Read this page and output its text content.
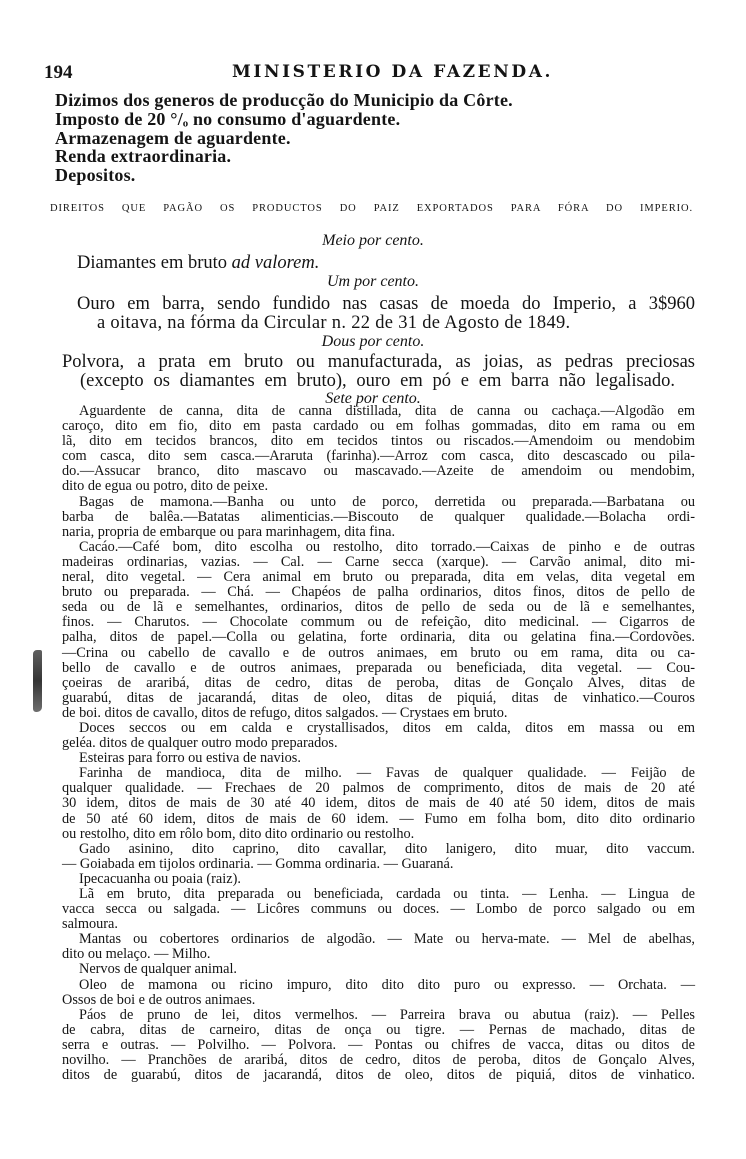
194	MINISTERIO DA FAZENDA.
Dizimos dos generos de producção do Municipio da Côrte.
Imposto de 20 °/ₒ no consumo d'aguardente.
Armazenagem de aguardente.
Renda extraordinaria.
Depositos.
DIREITOS QUE PAGÃO OS PRODUCTOS DO PAIZ EXPORTADOS PARA FÓRA DO IMPERIO.
Meio por cento.
Diamantes em bruto ad valorem.
Um por cento.
Ouro em barra, sendo fundido nas casas de moeda do Imperio, a 3$960
a oitava, na fórma da Circular n. 22 de 31 de Agosto de 1849.
Dous por cento.
Polvora, a prata em bruto ou manufacturada, as joias, as pedras preciosas
(excepto os diamantes em bruto), ouro em pó e em barra não legalisado.
Sete por cento.
Aguardente de canna, dita de canna distillada, dita de canna ou cachaça.—Algodão em
caroço, dito em fio, dito em pasta cardado ou em folhas gommadas, dito em rama ou em
lã, dito em tecidos brancos, dito em tecidos tintos ou riscados.—Amendoim ou mendobim
com casca, dito sem casca.—Araruta (farinha).—Arroz com casca, dito descascado ou pila-
do.—Assucar branco, dito mascavo ou mascavado.—Azeite de amendoim ou mendobim,
dito de egua ou potro, dito de peixe.
Bagas de mamona.—Banha ou unto de porco, derretida ou preparada.—Barbatana ou
barba de balêa.—Batatas alimenticias.—Biscouto de qualquer qualidade.—Bolacha ordi-
naria, propria de embarque ou para marinhagem, dita fina.
Cacáo.—Café bom, dito escolha ou restolho, dito torrado.—Caixas de pinho e de outras
madeiras ordinarias, vazias. — Cal. — Carne secca (xarque). — Carvão animal, dito mi-
neral, dito vegetal. — Cera animal em bruto ou preparada, dita em velas, dita vegetal em
bruto ou preparada. — Chá. — Chapéos de palha ordinarios, ditos finos, ditos de pello de
seda ou de lã e semelhantes, ordinarios, ditos de pello de seda ou de lã e semelhantes,
finos. — Charutos. — Chocolate commum ou de refeição, dito medicinal. — Cigarros de
palha, ditos de papel.—Colla ou gelatina, forte ordinaria, dita ou gelatina fina.—Cordovões.
—Crina ou cabello de cavallo e de outros animaes, em bruto ou em rama, dita ou ca-
bello de cavallo e de outros animaes, preparada ou beneficiada, dita vegetal. — Cou-
çoeiras de araribá, ditas de cedro, ditas de peroba, ditas de Gonçalo Alves, ditas de
guarabú, ditas de jacarandá, ditas de oleo, ditas de piquiá, ditas de vinhatico.—Couros
de boi. ditos de cavallo, ditos de refugo, ditos salgados. — Crystaes em bruto.
Doces seccos ou em calda e crystallisados, ditos em calda, ditos em massa ou em
geléa. ditos de qualquer outro modo preparados.
Esteiras para forro ou estiva de navios.
Farinha de mandioca, dita de milho. — Favas de qualquer qualidade. — Feijão de
qualquer qualidade. — Frechaes de 20 palmos de comprimento, ditos de mais de 20 até
30 idem, ditos de mais de 30 até 40 idem, ditos de mais de 40 até 50 idem, ditos de mais
de 50 até 60 idem, ditos de mais de 60 idem. — Fumo em folha bom, dito dito ordinario
ou restolho, dito em rôlo bom, dito dito ordinario ou restolho.
Gado asinino, dito caprino, dito cavallar, dito lanigero, dito muar, dito vaccum.
— Goiabada em tijolos ordinaria. — Gomma ordinaria. — Guaraná.
Ipecacuanha ou poaia (raiz).
Lã em bruto, dita preparada ou beneficiada, cardada ou tinta. — Lenha. — Lingua de
vacca secca ou salgada. — Licôres communs ou doces. — Lombo de porco salgado ou em
salmoura.
Mantas ou cobertores ordinarios de algodão. — Mate ou herva-mate. — Mel de abelhas,
dito ou melaço. — Milho.
Nervos de qualquer animal.
Oleo de mamona ou ricino impuro, dito dito dito puro ou expresso. — Orchata. —
Ossos de boi e de outros animaes.
Páos de pruno de lei, ditos vermelhos. — Parreira brava ou abutua (raiz). — Pelles
de cabra, ditas de carneiro, ditas de onça ou tigre. — Pernas de machado, ditas de
serra e outras. — Polvilho. — Polvora. — Pontas ou chifres de vacca, ditas ou ditos de
novilho. — Pranchões de araribá, ditos de cedro, ditos de peroba, ditos de Gonçalo Alves,
ditos de guarabú, ditos de jacarandá, ditos de oleo, ditos de piquiá, ditos de vinhatico.
